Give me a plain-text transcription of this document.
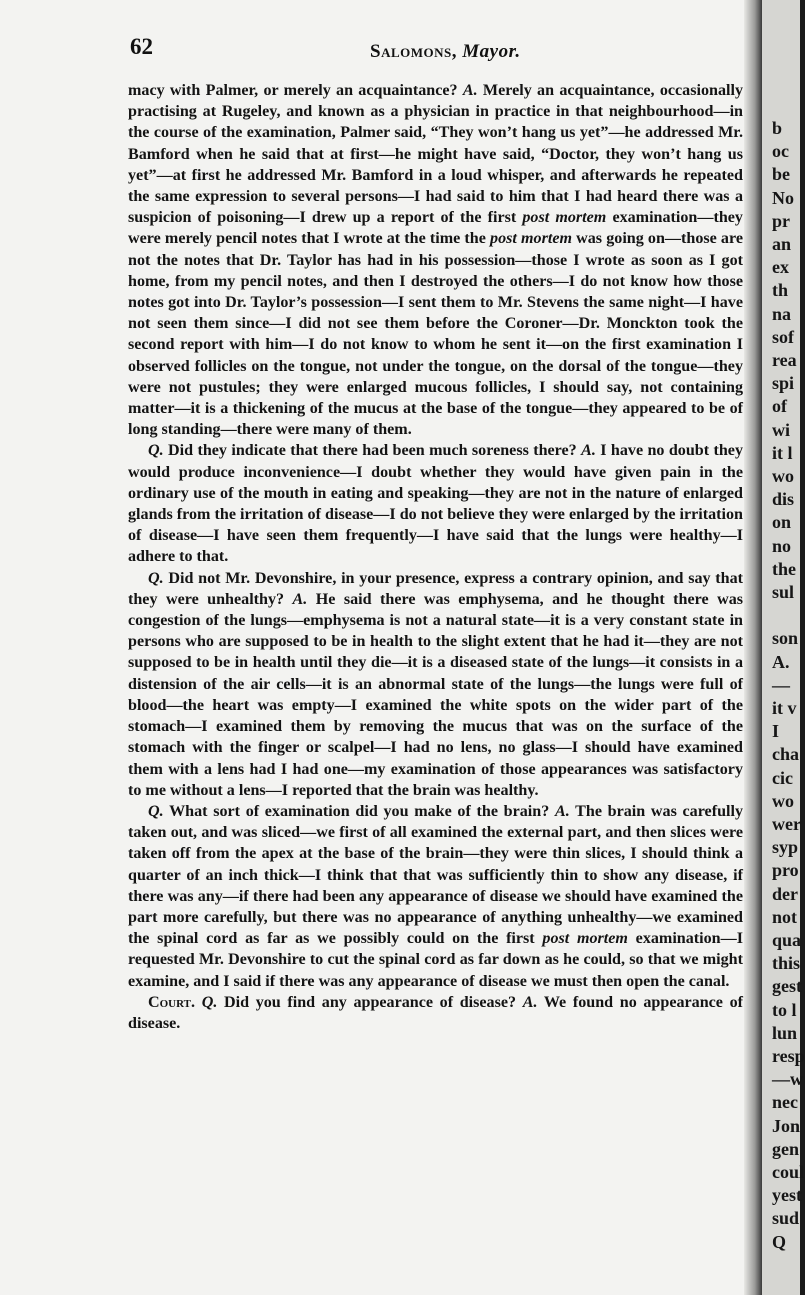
62	Salomons, Mayor.

macy with Palmer, or merely an acquaintance? A. Merely an acquaintance, occasionally practising at Rugeley, and known as a physician in practice in that neighbourhood—in the course of the examination, Palmer said, “They won’t hang us yet”—he addressed Mr. Bamford when he said that at first—he might have said, “Doctor, they won’t hang us yet”—at first he addressed Mr. Bamford in a loud whisper, and afterwards he repeated the same expression to several persons—I had said to him that I had heard there was a suspicion of poisoning—I drew up a report of the first post mortem examination—they were merely pencil notes that I wrote at the time the post mortem was going on—those are not the notes that Dr. Taylor has had in his possession—those I wrote as soon as I got home, from my pencil notes, and then I destroyed the others—I do not know how those notes got into Dr. Taylor’s possession—I sent them to Mr. Stevens the same night—I have not seen them since—I did not see them before the Coroner—Dr. Monckton took the second report with him—I do not know to whom he sent it—on the first examination I observed follicles on the tongue, not under the tongue, on the dorsal of the tongue—they were not pustules; they were enlarged mucous follicles, I should say, not containing matter—it is a thickening of the mucus at the base of the tongue—they appeared to be of long standing—there were many of them.

Q. Did they indicate that there had been much soreness there? A. I have no doubt they would produce inconvenience—I doubt whether they would have given pain in the ordinary use of the mouth in eating and speaking—they are not in the nature of enlarged glands from the irritation of disease—I do not believe they were enlarged by the irritation of disease—I have seen them frequently—I have said that the lungs were healthy—I adhere to that.

Q. Did not Mr. Devonshire, in your presence, express a contrary opinion, and say that they were unhealthy? A. He said there was emphysema, and he thought there was congestion of the lungs—emphysema is not a natural state—it is a very constant state in persons who are supposed to be in health to the slight extent that he had it—they are not supposed to be in health until they die—it is a diseased state of the lungs—it consists in a distension of the air cells—it is an abnormal state of the lungs—the lungs were full of blood—the heart was empty—I examined the white spots on the wider part of the stomach—I examined them by removing the mucus that was on the surface of the stomach with the finger or scalpel—I had no lens, no glass—I should have examined them with a lens had I had one—my examination of those appearances was satisfactory to me without a lens—I reported that the brain was healthy.

Q. What sort of examination did you make of the brain? A. The brain was carefully taken out, and was sliced—we first of all examined the external part, and then slices were taken off from the apex at the base of the brain—they were thin slices, I should think a quarter of an inch thick—I think that that was sufficiently thin to show any disease, if there was any—if there had been any appearance of disease we should have examined the part more carefully, but there was no appearance of anything unhealthy—we examined the spinal cord as far as we possibly could on the first post mortem examination—I requested Mr. Devonshire to cut the spinal cord as far down as he could, so that we might examine, and I said if there was any appearance of disease we must then open the canal.

Court. Q. Did you find any appearance of disease? A. We found no appearance of disease.

b
oc
be
No
pr
an
ex
th
na
sof
rea
spi
of
wi
it l
wo
dis
on
no
the
sul
son
A.
—
it v
I
cha
cic
wo
wer
syp
pro
der
not
qua
this
gest
to l
lun
resp
—w
nec
Jon
gen
coul
yest
sud
Q
